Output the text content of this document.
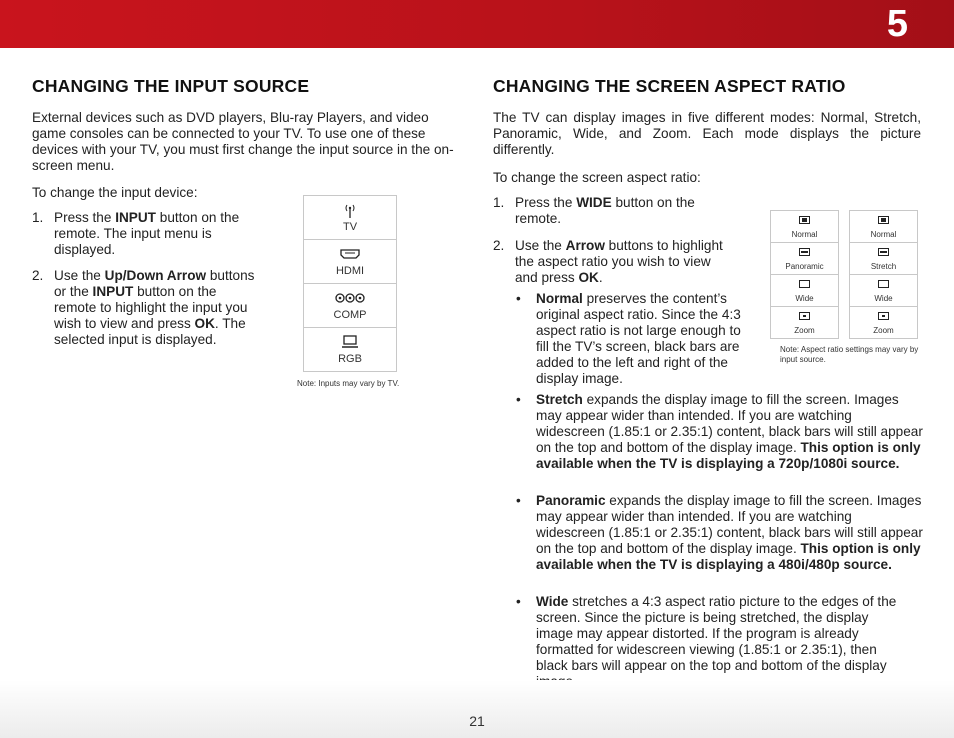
5
CHANGING THE INPUT SOURCE

External devices such as DVD players, Blu-ray Players, and video game consoles can be connected to your TV. To use one of these devices with your TV, you must first change the input source in the on-screen menu.

To change the input device:

1. Press the INPUT button on the remote. The input menu is displayed.

2. Use the Up/Down Arrow buttons or the INPUT button on the remote to highlight the input you wish to view and press OK. The selected input is displayed.

TV
HDMI
COMP
RGB
Note: Inputs may vary by TV.
CHANGING THE SCREEN ASPECT RATIO

The TV can display images in five different modes: Normal, Stretch, Panoramic, Wide, and Zoom. Each mode displays the picture differently.

To change the screen aspect ratio:

1. Press the WIDE button on the remote.

2. Use the Arrow buttons to highlight the aspect ratio you wish to view and press OK.

• Normal preserves the content’s original aspect ratio. Since the 4:3 aspect ratio is not large enough to fill the TV’s screen, black bars are added to the left and right of the display image.

• Stretch expands the display image to fill the screen. Images may appear wider than intended. If you are watching widescreen (1.85:1 or 2.35:1) content, black bars will still appear on the top and bottom of the display image. This option is only available when the TV is displaying a 720p/1080i source.

• Panoramic expands the display image to fill the screen. Images may appear wider than intended. If you are watching widescreen (1.85:1 or 2.35:1) content, black bars will still appear on the top and bottom of the display image. This option is only available when the TV is displaying a 480i/480p source.

• Wide stretches a 4:3 aspect ratio picture to the edges of the screen. Since the picture is being stretched, the display image may appear distorted. If the program is already formatted for widescreen viewing (1.85:1 or 2.35:1), then black bars will appear on the top and bottom of the display

Normal
Panoramic
Wide
Zoom
Normal
Stretch
Wide
Zoom
Note: Aspect ratio settings may vary by input source.
21
